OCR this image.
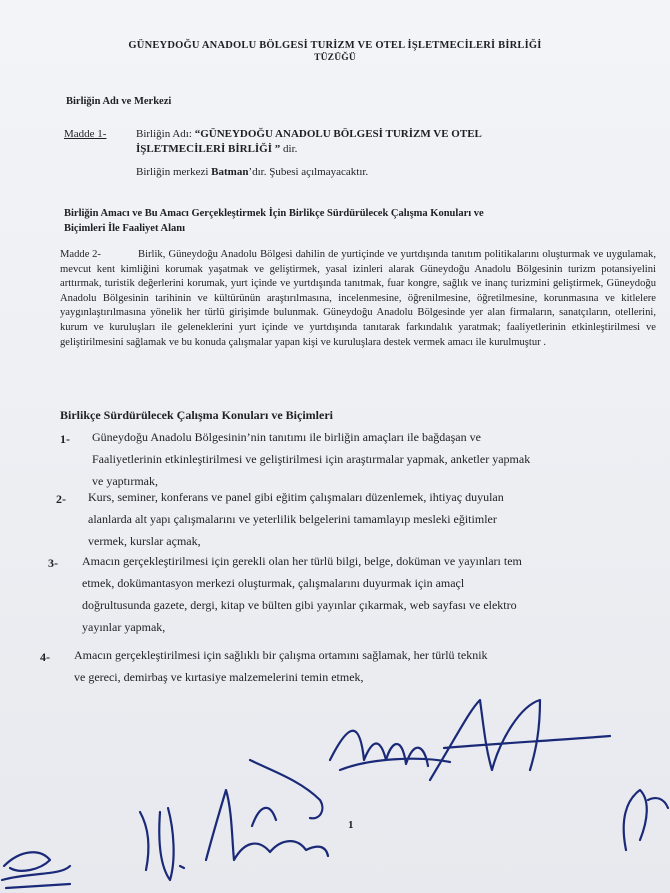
GÜNEYDOĞU ANADOLU BÖLGESİ TURİZM VE OTEL İŞLETMECİLERİ BİRLİĞİ
TÜZÜĞÜ
Birliğin Adı ve Merkezi
Madde 1-	Birliğin Adı: “GÜNEYDOĞU ANADOLU BÖLGESİ TURİZM VE OTEL
İŞLETMECİLERİ BİRLİĞİ ” dir.
Birliğin merkezi Batman’dır. Şubesi açılmayacaktır.
Birliğin Amacı ve Bu Amacı Gerçekleştirmek İçin Birlikçe Sürdürülecek Çalışma Konuları ve
Biçimleri İle Faaliyet Alanı
Madde 2-	Birlik, Güneydoğu Anadolu Bölgesi dahilin de yurtiçinde ve yurtdışında tanıtım politikalarını oluşturmak ve uygulamak, mevcut kent kimliğini korumak yaşatmak ve geliştirmek, yasal izinleri alarak Güneydoğu Anadolu Bölgesinin turizm potansiyelini arttırmak, turistik değerlerini korumak, yurt içinde ve yurtdışında tanıtmak, fuar kongre, sağlık ve inanç turizmini geliştirmek, Güneydoğu Anadolu Bölgesinin tarihinin ve kültürünün araştırılmasına, incelenmesine, öğrenilmesine, öğretilmesine, korunmasına ve kitlelere yaygınlaştırılmasına yönelik her türlü girişimde bulunmak. Güneydoğu Anadolu Bölgesinde yer alan firmaların, sanatçıların, otellerini, kurum ve kuruluşları ile geleneklerini yurt içinde ve yurtdışında tanıtarak farkındalık yaratmak; faaliyetlerinin etkinleştirilmesi ve geliştirilmesini sağlamak ve bu konuda çalışmalar yapan kişi ve kuruluşlara destek vermek amacı ile kurulmuştur .
Birlikçe Sürdürülecek Çalışma Konuları ve Biçimleri
1- Güneydoğu Anadolu Bölgesinin’nin tanıtımı ile birliğin amaçları ile bağdaşan ve
Faaliyetlerinin etkinleştirilmesi ve geliştirilmesi için araştırmalar yapmak, anketler yapmak
ve yaptırmak,
2- Kurs, seminer, konferans ve panel gibi eğitim çalışmaları düzenlemek, ihtiyaç duyulan
alanlarda alt yapı çalışmalarını ve yeterlilik belgelerini tamamlayıp mesleki eğitimler
vermek, kurslar açmak,
3- Amacın gerçekleştirilmesi için gerekli olan her türlü bilgi, belge, doküman ve yayınları tem
etmek, dokümantasyon merkezi oluşturmak, çalışmalarını duyurmak için amaçl
doğrultusunda gazete, dergi, kitap ve bülten gibi yayınlar çıkarmak, web sayfası ve elektro
yayınlar yapmak,
4- Amacın gerçekleştirilmesi için sağlıklı bir çalışma ortamını sağlamak, her türlü teknik
ve gereci, demirbaş ve kırtasiye malzemelerini temin etmek,
1
